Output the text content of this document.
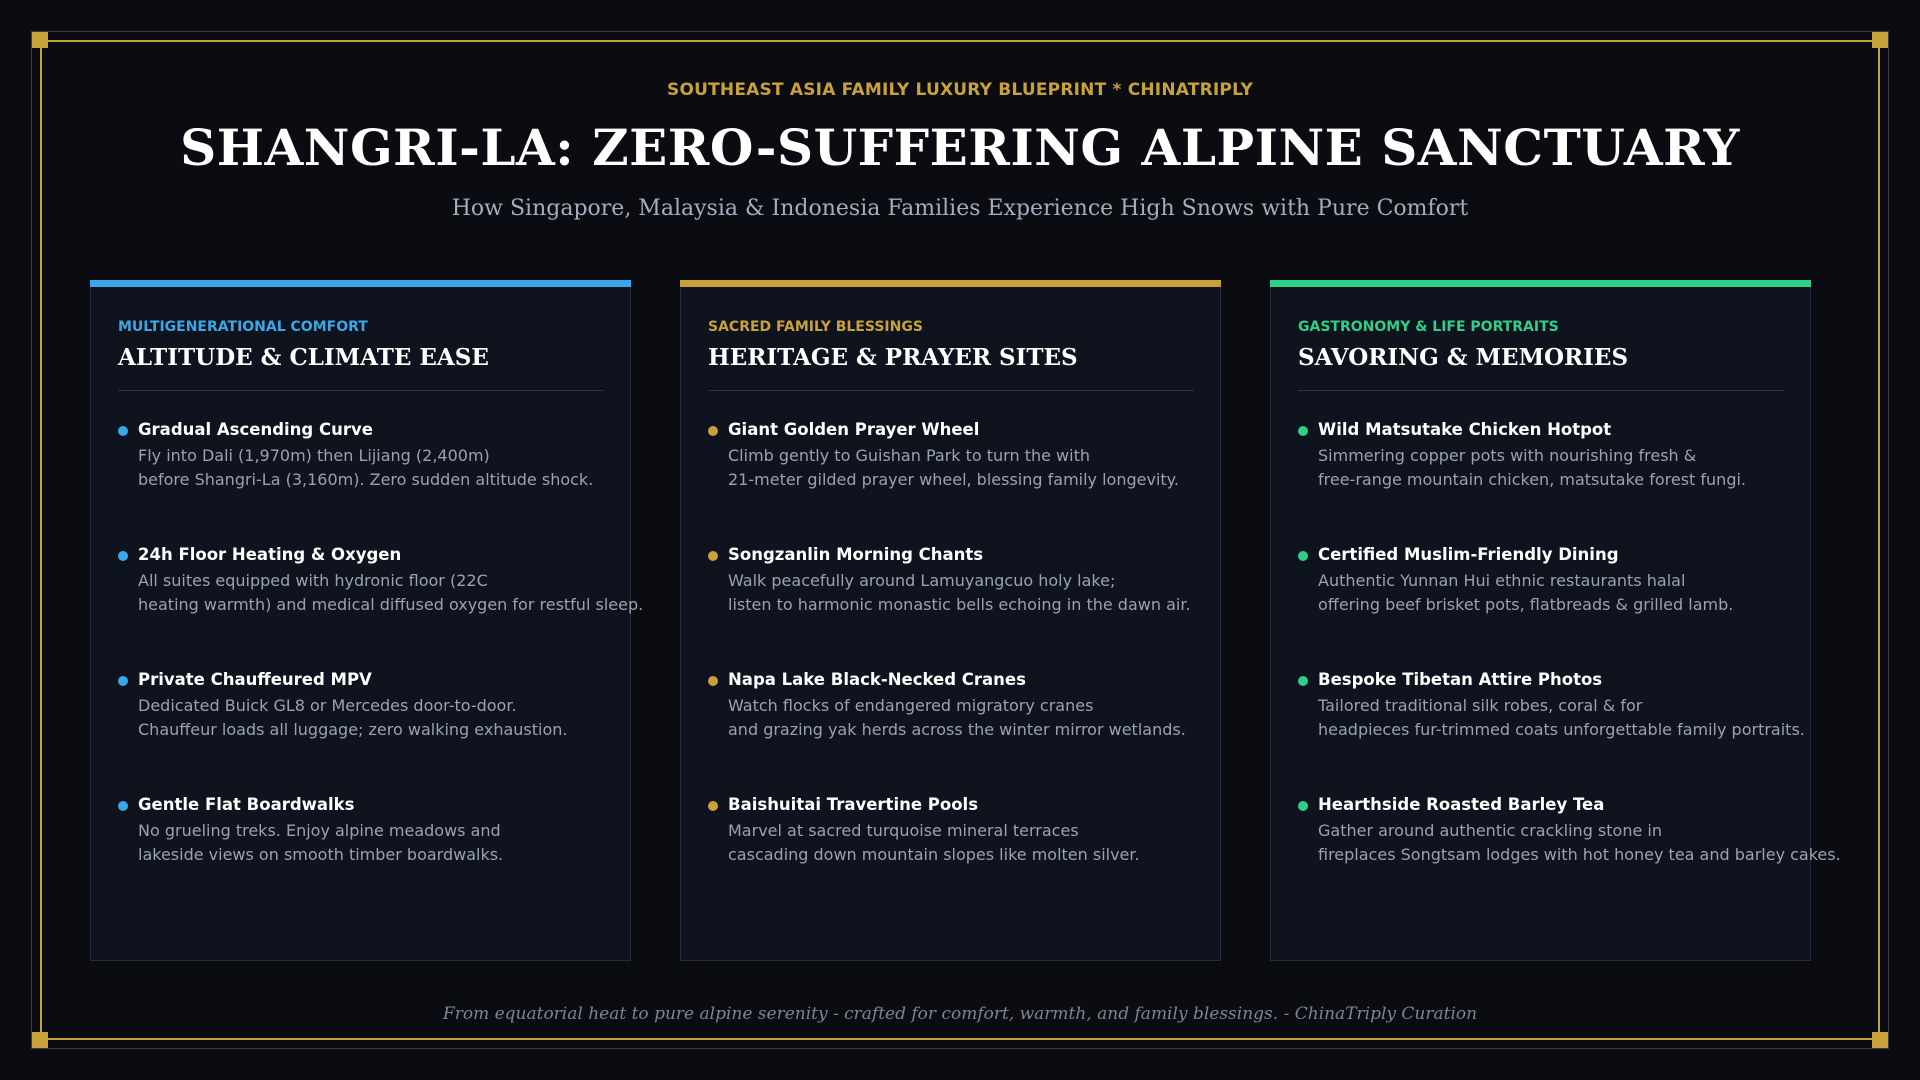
SOUTHEAST ASIA FAMILY LUXURY BLUEPRINT * CHINATRIPLY
SHANGRI-LA: ZERO-SUFFERING ALPINE SANCTUARY
How Singapore, Malaysia & Indonesia Families Experience High Snows with Pure Comfort
MULTIGENERATIONAL COMFORT
ALTITUDE & CLIMATE EASE
Gradual Ascending Curve
Fly into Dali (1,970m) then Lijiang (2,400m)
before Shangri-La (3,160m). Zero sudden altitude shock.
24h Floor Heating & Oxygen
All suites equipped with hydronic floor (22C
heating warmth) and medical diffused oxygen for restful sleep.
Private Chauffeured MPV
Dedicated Buick GL8 or Mercedes door-to-door.
Chauffeur loads all luggage; zero walking exhaustion.
Gentle Flat Boardwalks
No grueling treks. Enjoy alpine meadows and
lakeside views on smooth timber boardwalks.
SACRED FAMILY BLESSINGS
HERITAGE & PRAYER SITES
Giant Golden Prayer Wheel
Climb gently to Guishan Park to turn the with
21-meter gilded prayer wheel, blessing family longevity.
Songzanlin Morning Chants
Walk peacefully around Lamuyangcuo holy lake;
listen to harmonic monastic bells echoing in the dawn air.
Napa Lake Black-Necked Cranes
Watch flocks of endangered migratory cranes
and grazing yak herds across the winter mirror wetlands.
Baishuitai Travertine Pools
Marvel at sacred turquoise mineral terraces
cascading down mountain slopes like molten silver.
GASTRONOMY & LIFE PORTRAITS
SAVORING & MEMORIES
Wild Matsutake Chicken Hotpot
Simmering copper pots with nourishing fresh &
free-range mountain chicken, matsutake forest fungi.
Certified Muslim-Friendly Dining
Authentic Yunnan Hui ethnic restaurants halal
offering beef brisket pots, flatbreads & grilled lamb.
Bespoke Tibetan Attire Photos
Tailored traditional silk robes, coral & for
headpieces fur-trimmed coats unforgettable family portraits.
Hearthside Roasted Barley Tea
Gather around authentic crackling stone in
fireplaces Songtsam lodges with hot honey tea and barley cakes.
From equatorial heat to pure alpine serenity - crafted for comfort, warmth, and family blessings. - ChinaTriply Curation
